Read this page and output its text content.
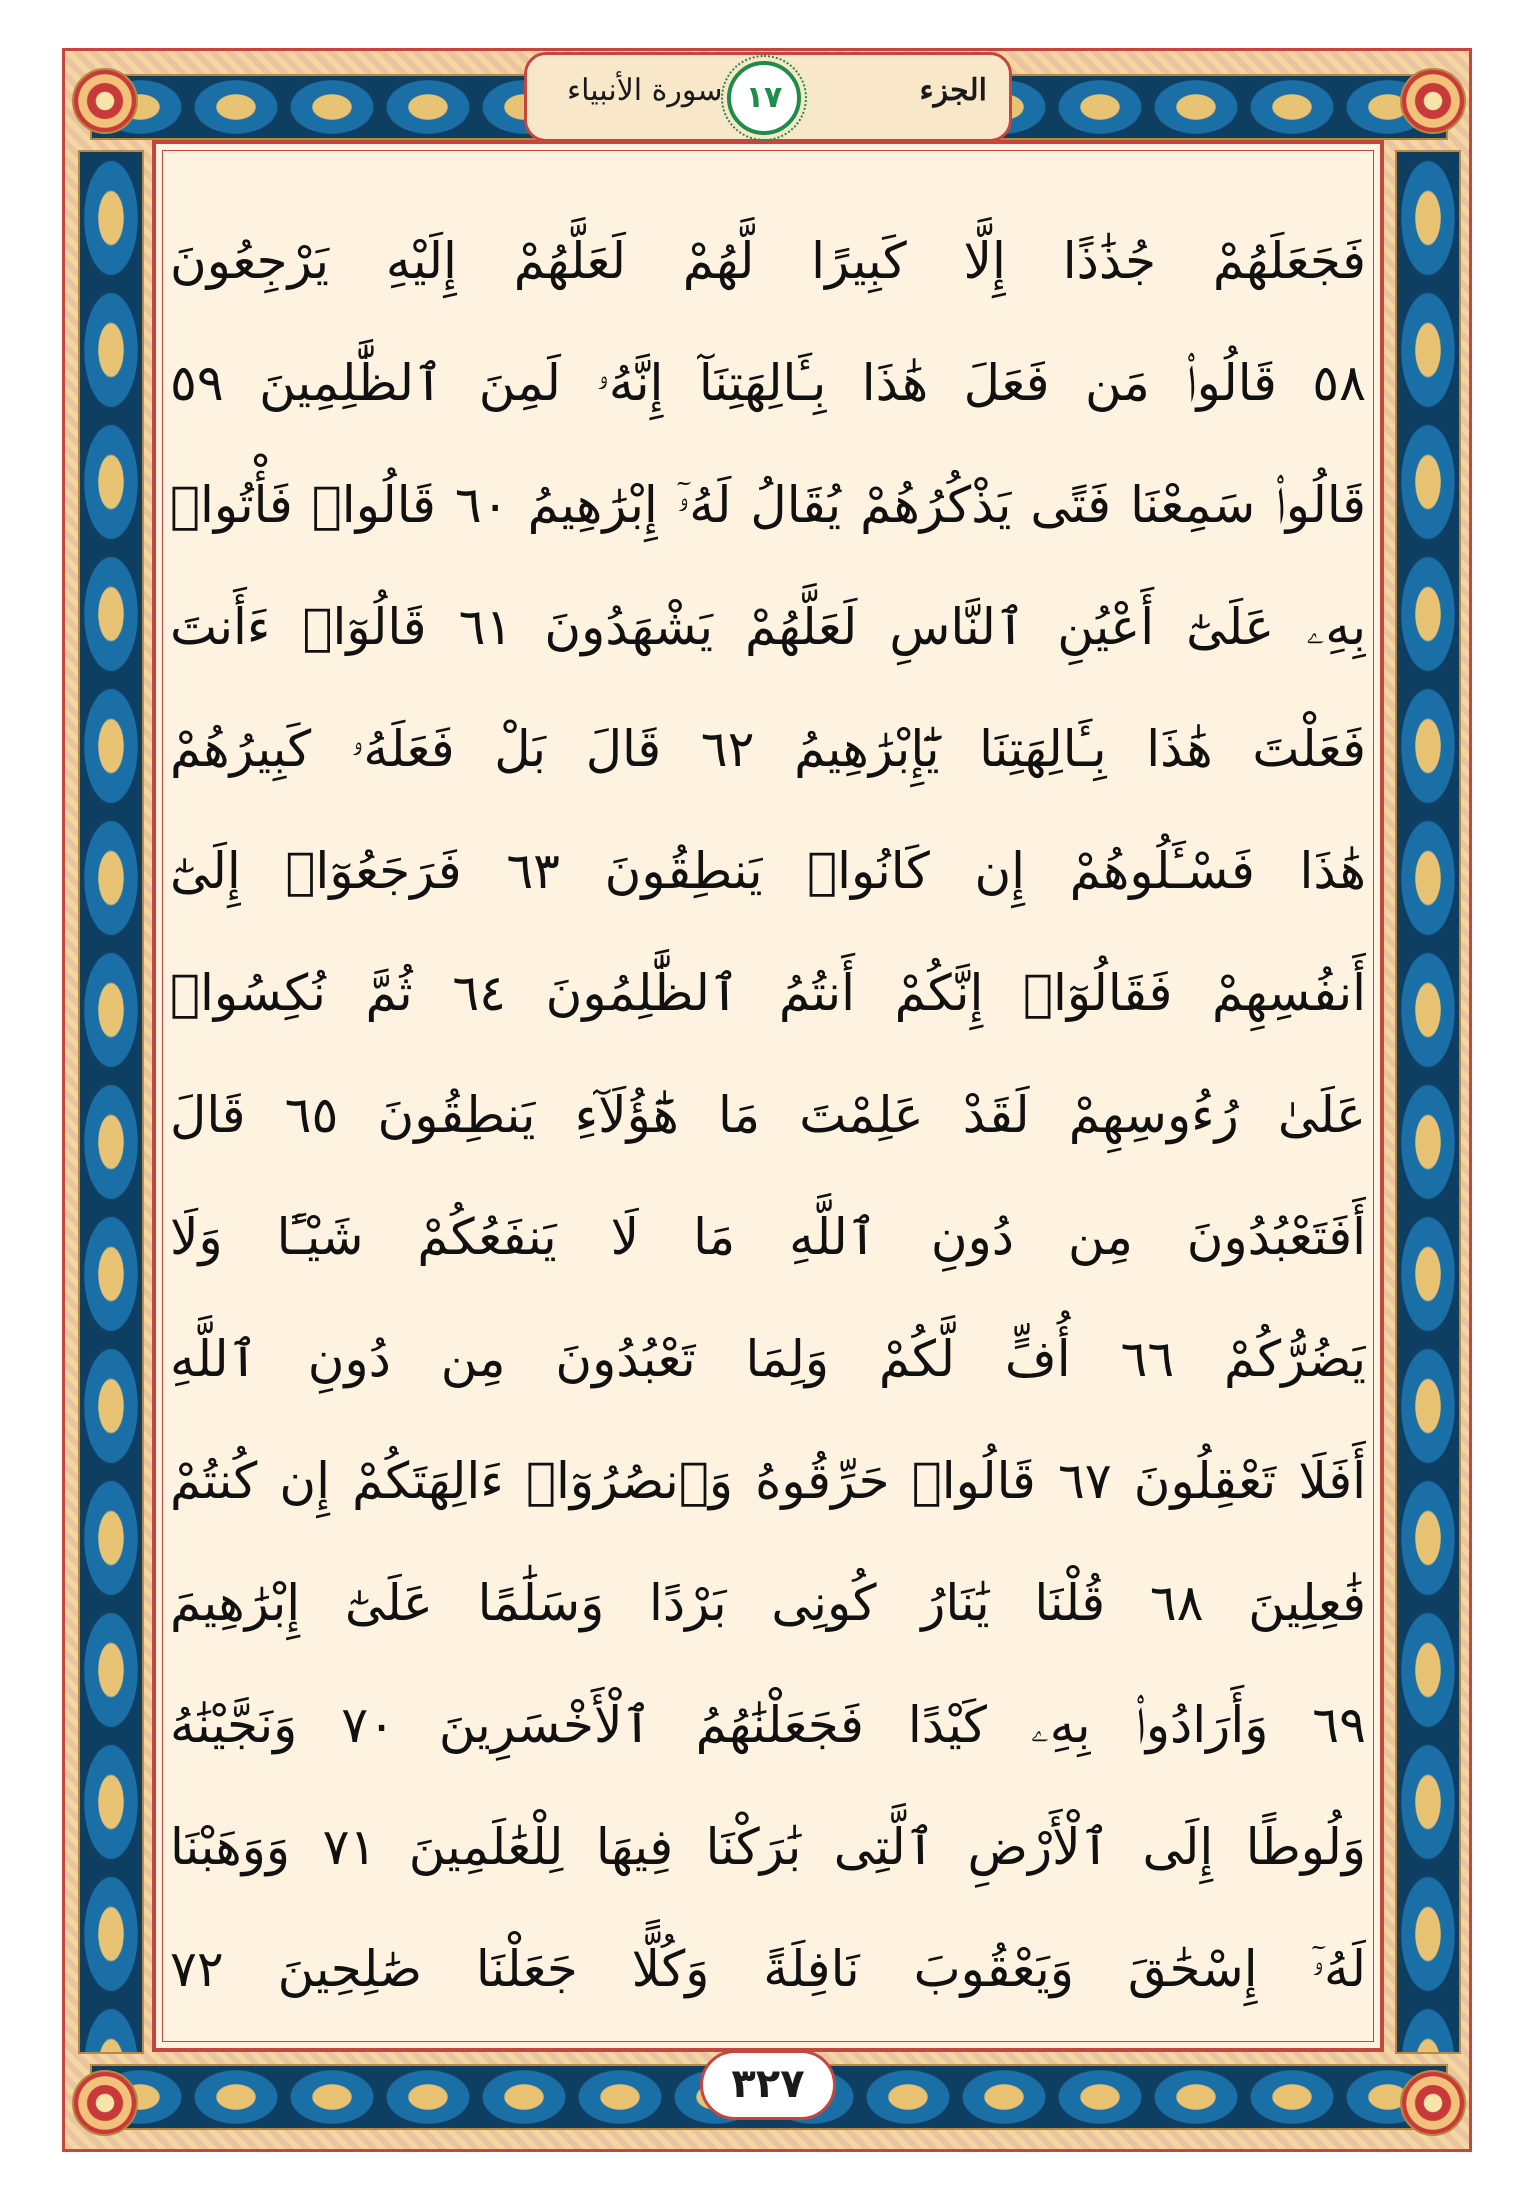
الجزء
١٧
سورة الأنبياء
فَجَعَلَهُمْ جُذَٰذًا إِلَّا كَبِيرًا لَّهُمْ لَعَلَّهُمْ إِلَيْهِ يَرْجِعُونَ
٥٨ قَالُوا۟ مَن فَعَلَ هَٰذَا بِـَٔالِهَتِنَآ إِنَّهُۥ لَمِنَ ٱلظَّٰلِمِينَ ٥٩
قَالُوا۟ سَمِعْنَا فَتًى يَذْكُرُهُمْ يُقَالُ لَهُۥٓ إِبْرَٰهِيمُ ٦٠ قَالُوا۟ فَأْتُوا۟
بِهِۦ عَلَىٰٓ أَعْيُنِ ٱلنَّاسِ لَعَلَّهُمْ يَشْهَدُونَ ٦١ قَالُوٓا۟ ءَأَنتَ
فَعَلْتَ هَٰذَا بِـَٔالِهَتِنَا يَٰٓإِبْرَٰهِيمُ ٦٢ قَالَ بَلْ فَعَلَهُۥ كَبِيرُهُمْ
هَٰذَا فَسْـَٔلُوهُمْ إِن كَانُوا۟ يَنطِقُونَ ٦٣ فَرَجَعُوٓا۟ إِلَىٰٓ
أَنفُسِهِمْ فَقَالُوٓا۟ إِنَّكُمْ أَنتُمُ ٱلظَّٰلِمُونَ ٦٤ ثُمَّ نُكِسُوا۟
عَلَىٰ رُءُوسِهِمْ لَقَدْ عَلِمْتَ مَا هَٰٓؤُلَآءِ يَنطِقُونَ ٦٥ قَالَ
أَفَتَعْبُدُونَ مِن دُونِ ٱللَّهِ مَا لَا يَنفَعُكُمْ شَيْـًٔا وَلَا
يَضُرُّكُمْ ٦٦ أُفٍّ لَّكُمْ وَلِمَا تَعْبُدُونَ مِن دُونِ ٱللَّهِ
أَفَلَا تَعْقِلُونَ ٦٧ قَالُوا۟ حَرِّقُوهُ وَٱنصُرُوٓا۟ ءَالِهَتَكُمْ إِن كُنتُمْ
فَٰعِلِينَ ٦٨ قُلْنَا يَٰنَارُ كُونِى بَرْدًا وَسَلَٰمًا عَلَىٰٓ إِبْرَٰهِيمَ
٦٩ وَأَرَادُوا۟ بِهِۦ كَيْدًا فَجَعَلْنَٰهُمُ ٱلْأَخْسَرِينَ ٧٠ وَنَجَّيْنَٰهُ
وَلُوطًا إِلَى ٱلْأَرْضِ ٱلَّتِى بَٰرَكْنَا فِيهَا لِلْعَٰلَمِينَ ٧١ وَوَهَبْنَا
لَهُۥٓ إِسْحَٰقَ وَيَعْقُوبَ نَافِلَةً وَكُلًّا جَعَلْنَا صَٰلِحِينَ ٧٢
٣٢٧
